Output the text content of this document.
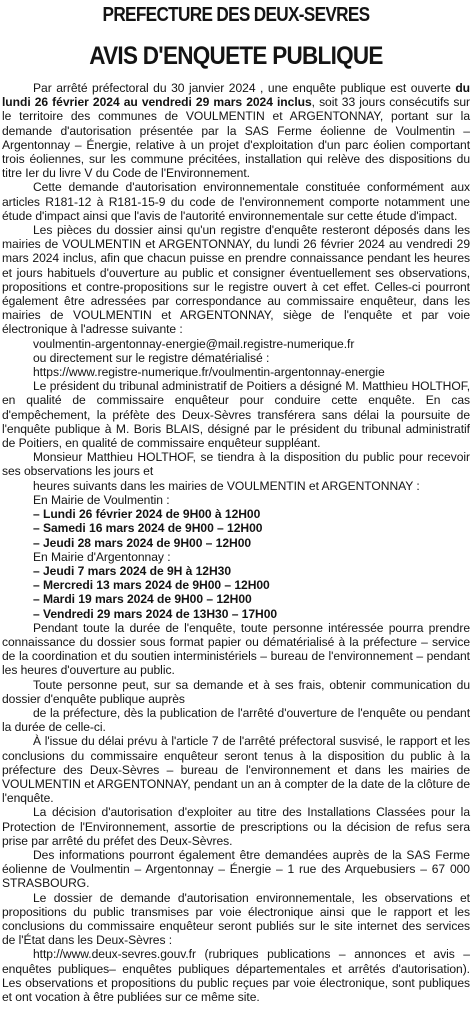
PREFECTURE DES DEUX-SEVRES
AVIS D'ENQUETE PUBLIQUE

Par arrêté préfectoral du 30 janvier 2024 , une enquête publique est ouverte du lundi 26 février 2024 au vendredi 29 mars 2024 inclus, soit 33 jours consécutifs sur le territoire des communes de VOULMENTIN et ARGENTONNAY, portant sur la demande d'autorisation présentée par la SAS Ferme éolienne de Voulmentin – Argentonnay – Énergie, relative à un projet d'exploitation d'un parc éolien comportant trois éoliennes, sur les commune précitées, installation qui relève des dispositions du titre Ier du livre V du Code de l'Environnement.

Cette demande d'autorisation environnementale constituée conformément aux articles R181-12 à R181-15-9 du code de l'environnement comporte notamment une étude d'impact ainsi que l'avis de l'autorité environnementale sur cette étude d'impact.

Les pièces du dossier ainsi qu'un registre d'enquête resteront déposés dans les mairies de VOULMENTIN et ARGENTONNAY, du lundi 26 février 2024 au vendredi 29 mars 2024 inclus, afin que chacun puisse en prendre connaissance pendant les heures et jours habituels d'ouverture au public et consigner éventuellement ses observations, propositions et contre-propositions sur le registre ouvert à cet effet. Celles-ci pourront également être adressées par correspondance au commissaire enquêteur, dans les mairies de VOULMENTIN et ARGENTONNAY, siège de l'enquête et par voie électronique à l'adresse suivante :

voulmentin-argentonnay-energie@mail.registre-numerique.fr

ou directement sur le registre dématérialisé :

https://www.registre-numerique.fr/voulmentin-argentonnay-energie

Le président du tribunal administratif de Poitiers a désigné M. Matthieu HOLTHOF, en qualité de commissaire enquêteur pour conduire cette enquête. En cas d'empêchement, la préfète des Deux-Sèvres transférera sans délai la poursuite de l'enquête publique à M. Boris BLAIS, désigné par le président du tribunal administratif de Poitiers, en qualité de commissaire enquêteur suppléant.

Monsieur Matthieu HOLTHOF, se tiendra à la disposition du public pour recevoir ses observations les jours et

heures suivants dans les mairies de VOULMENTIN et ARGENTONNAY :

En Mairie de Voulmentin :

– Lundi 26 février 2024 de 9H00 à 12H00

– Samedi 16 mars 2024 de 9H00 – 12H00

– Jeudi 28 mars 2024 de 9H00 – 12H00

En Mairie d'Argentonnay :

– Jeudi 7 mars 2024 de 9H à 12H30

– Mercredi 13 mars 2024 de 9H00 – 12H00

– Mardi 19 mars 2024 de 9H00 – 12H00

– Vendredi 29 mars 2024 de 13H30 – 17H00

Pendant toute la durée de l'enquête, toute personne intéressée pourra prendre connaissance du dossier sous format papier ou dématérialisé à la préfecture – service de la coordination et du soutien interministériels – bureau de l'environnement – pendant les heures d'ouverture au public.

Toute personne peut, sur sa demande et à ses frais, obtenir communication du dossier d'enquête publique auprès

de la préfecture, dès la publication de l'arrêté d'ouverture de l'enquête ou pendant la durée de celle-ci.

À l'issue du délai prévu à l'article 7 de l'arrêté préfectoral susvisé, le rapport et les conclusions du commissaire enquêteur seront tenus à la disposition du public à la préfecture des Deux-Sèvres – bureau de l'environnement et dans les mairies de VOULMENTIN et ARGENTONNAY, pendant un an à compter de la date de la clôture de l'enquête.

La décision d'autorisation d'exploiter au titre des Installations Classées pour la Protection de l'Environnement, assortie de prescriptions ou la décision de refus sera prise par arrêté du préfet des Deux-Sèvres.

Des informations pourront également être demandées auprès de la SAS Ferme éolienne de Voulmentin – Argentonnay – Énergie – 1 rue des Arquebusiers – 67 000 STRASBOURG.

Le dossier de demande d'autorisation environnementale, les observations et propositions du public transmises par voie électronique ainsi que le rapport et les conclusions du commissaire enquêteur seront publiés sur le site internet des services de l'État dans les Deux-Sèvres :

http://www.deux-sevres.gouv.fr (rubriques publications – annonces et avis – enquêtes publiques– enquêtes publiques départementales et arrêtés d'autorisation). Les observations et propositions du public reçues par voie électronique, sont publiques et ont vocation à être publiées sur ce même site.
